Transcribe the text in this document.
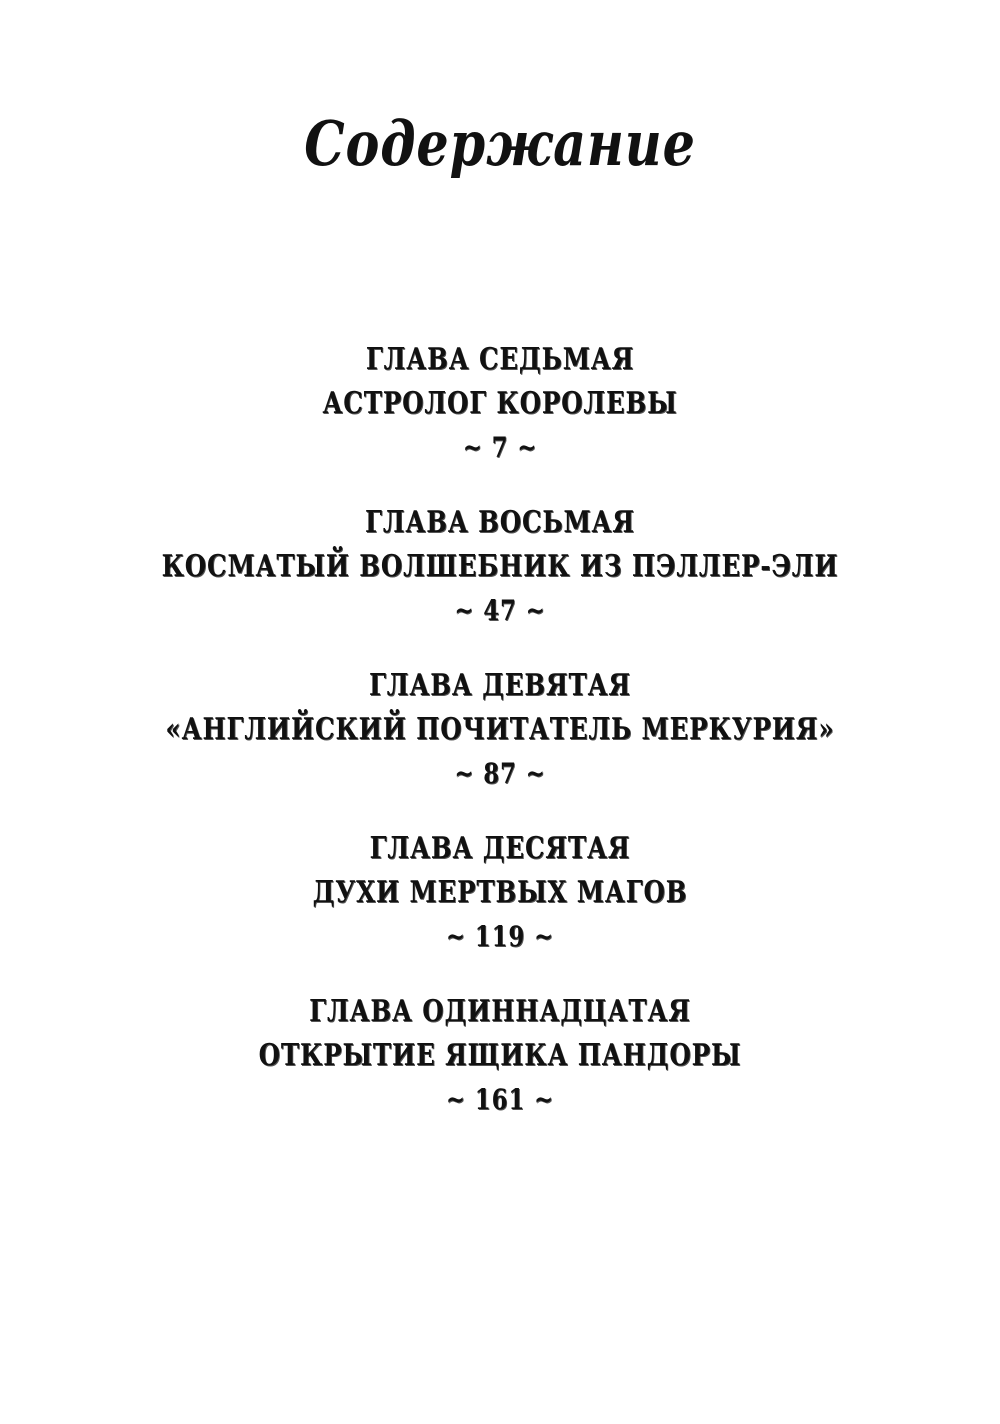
Содержание
ГЛАВА СЕДЬМАЯ
АСТРОЛОГ КОРОЛЕВЫ
~ 7 ~
ГЛАВА ВОСЬМАЯ
КОСМАТЫЙ ВОЛШЕБНИК ИЗ ПЭЛЛЕР-ЭЛИ
~ 47 ~
ГЛАВА ДЕВЯТАЯ
«АНГЛИЙСКИЙ ПОЧИТАТЕЛЬ МЕРКУРИЯ»
~ 87 ~
ГЛАВА ДЕСЯТАЯ
ДУХИ МЕРТВЫХ МАГОВ
~ 119 ~
ГЛАВА ОДИННАДЦАТАЯ
ОТКРЫТИЕ ЯЩИКА ПАНДОРЫ
~ 161 ~
